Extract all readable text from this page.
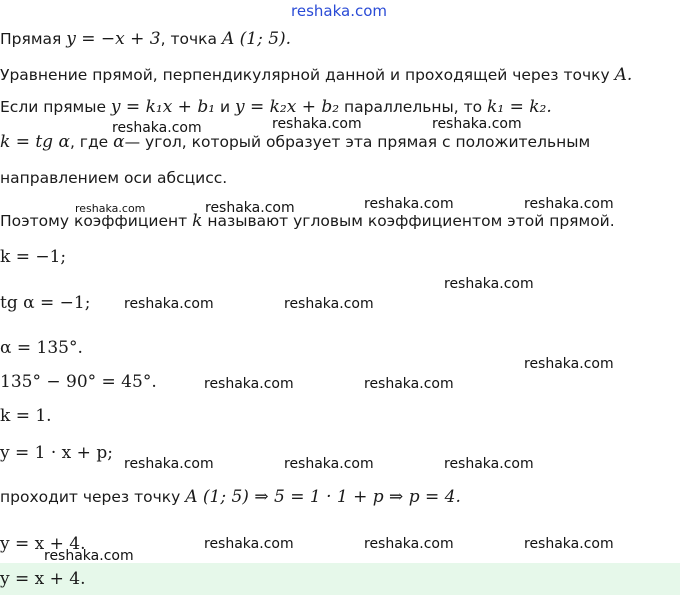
reshaka.com

Прямая y = −x + 3, точка A (1; 5).

Уравнение прямой, перпендикулярной данной и проходящей через точку A.

Если прямые y = k₁x + b₁ и y = k₂x + b₂ параллельны, то k₁ = k₂.

k = tg α, где α— угол, который образует эта прямая с положительным

направлением оси абсцисс.

Поэтому коэффициент k называют угловым коэффициентом этой прямой.

k = −1;

tg α = −1;

α = 135°.

135° − 90° = 45°.

k = 1.

y = 1 · x + p;

проходит через точку A (1; 5) ⇒ 5 = 1 · 1 + p ⇒ p = 4.

y = x + 4.

y = x + 4.

reshaka.com	reshaka.com	reshaka.com
reshaka.com	reshaka.com	reshaka.com	reshaka.com
reshaka.com
reshaka.com	reshaka.com
reshaka.com
reshaka.com	reshaka.com
reshaka.com	reshaka.com	reshaka.com
reshaka.com	reshaka.com	reshaka.com
reshaka.com
